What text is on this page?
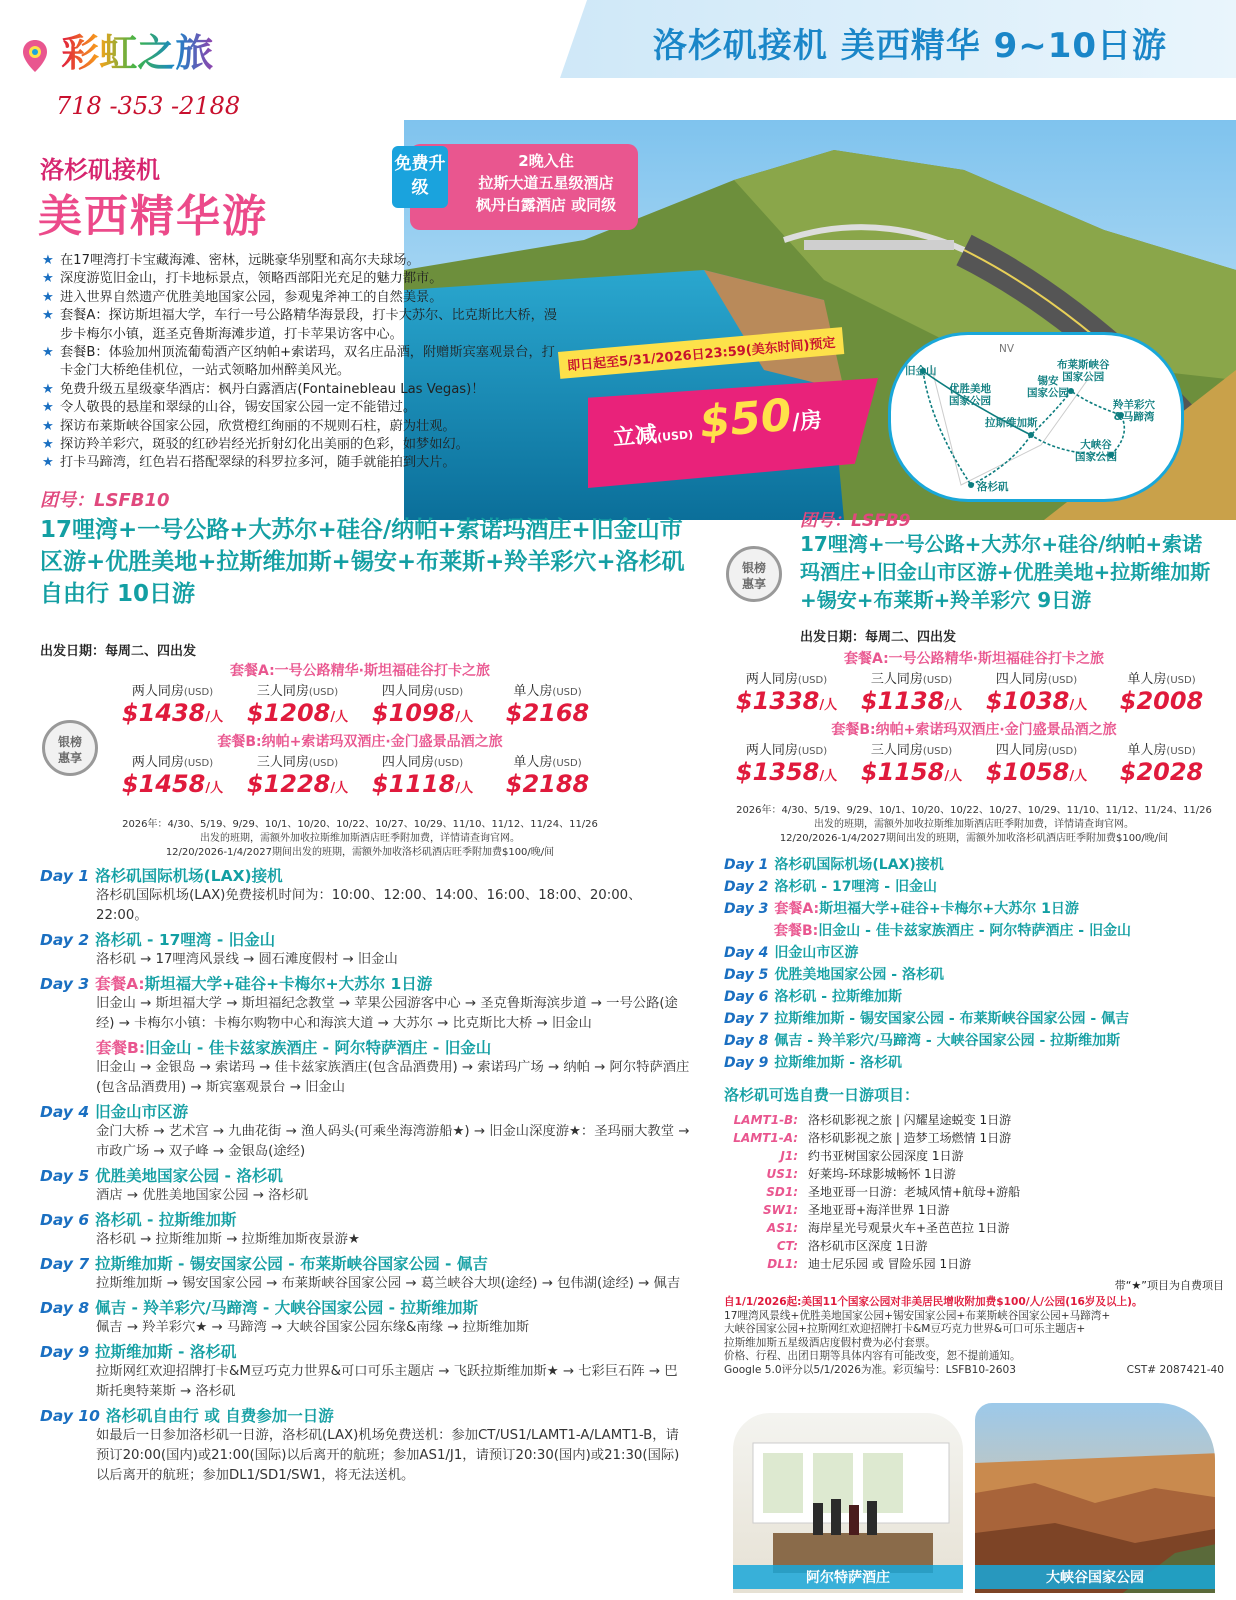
洛杉矶接机 美西精华 9~10日游
彩虹之旅
718 -353 -2188
洛杉矶接机
美西精华游
2晚入住
拉斯大道五星级酒店
枫丹白露酒店 或同级
免费升级
★ 在17哩湾打卡宝藏海滩、密林，远眺豪华别墅和高尔夫球场。
★ 深度游览旧金山，打卡地标景点，领略西部阳光充足的魅力都市。
★ 进入世界自然遗产优胜美地国家公园，参观鬼斧神工的自然美景。
★ 套餐A：探访斯坦福大学，车行一号公路精华海景段，打卡大苏尔、比克斯比大桥，漫步卡梅尔小镇，逛圣克鲁斯海滩步道，打卡苹果访客中心。
★ 套餐B：体验加州顶流葡萄酒产区纳帕+索诺玛，双名庄品酒，附赠斯宾塞观景台，打卡金门大桥绝佳机位，一站式领略加州醉美风光。
★ 免费升级五星级豪华酒店：枫丹白露酒店(Fontainebleau Las Vegas)！
★ 令人敬畏的悬崖和翠绿的山谷，锡安国家公园一定不能错过。
★ 探访布莱斯峡谷国家公园，欣赏橙红绚丽的不规则石柱，蔚为壮观。
★ 探访羚羊彩穴，斑驳的红砂岩经光折射幻化出美丽的色彩，如梦如幻。
★ 打卡马蹄湾，红色岩石搭配翠绿的科罗拉多河，随手就能拍到大片。
即日起至5/31/2026日23:59(美东时间)预定
立减(USD) $50/房
NV
旧金山
优胜美地
国家公园
锡安
国家公园
布莱斯峡谷
国家公园
拉斯维加斯
羚羊彩穴
&马蹄湾
大峡谷
国家公园
洛杉矶
团号：LSFB10
17哩湾+一号公路+大苏尔+硅谷/纳帕+索诺玛酒庄+旧金山市区游+优胜美地+拉斯维加斯+锡安+布莱斯+羚羊彩穴+洛杉矶自由行 10日游
出发日期：每周二、四出发
银榜
惠享
套餐A:一号公路精华·斯坦福硅谷打卡之旅
两人同房(USD)
$1438/人
三人同房(USD)
$1208/人
四人同房(USD)
$1098/人
单人房(USD)
$2168
套餐B:纳帕+索诺玛双酒庄·金门盛景品酒之旅
两人同房(USD)
$1458/人
三人同房(USD)
$1228/人
四人同房(USD)
$1118/人
单人房(USD)
$2188
2026年：4/30、5/19、9/29、10/1、10/20、10/22、10/27、10/29、11/10、11/12、11/24、11/26
出发的班期，需额外加收拉斯维加斯酒店旺季附加费，详情请查询官网。
12/20/2026-1/4/2027期间出发的班期，需额外加收洛杉矶酒店旺季附加费$100/晚/间
Day 1 洛杉矶国际机场(LAX)接机
洛杉矶国际机场(LAX)免费接机时间为：10:00、12:00、14:00、16:00、18:00、20:00、22:00。
Day 2 洛杉矶 - 17哩湾 - 旧金山
洛杉矶 → 17哩湾风景线 → 圆石滩度假村 → 旧金山
Day 3 套餐A:斯坦福大学+硅谷+卡梅尔+大苏尔 1日游
旧金山 → 斯坦福大学 → 斯坦福纪念教堂 → 苹果公园游客中心 → 圣克鲁斯海滨步道 → 一号公路(途经) → 卡梅尔小镇：卡梅尔购物中心和海滨大道 → 大苏尔 → 比克斯比大桥 → 旧金山
套餐B:旧金山 - 佳卡兹家族酒庄 - 阿尔特萨酒庄 - 旧金山
旧金山 → 金银岛 → 索诺玛 → 佳卡兹家族酒庄(包含品酒费用) → 索诺玛广场 → 纳帕 → 阿尔特萨酒庄(包含品酒费用) → 斯宾塞观景台 → 旧金山
Day 4 旧金山市区游
金门大桥 → 艺术宫 → 九曲花街 → 渔人码头(可乘坐海湾游船★) → 旧金山深度游★：圣玛丽大教堂 → 市政广场 → 双子峰 → 金银岛(途经)
Day 5 优胜美地国家公园 - 洛杉矶
酒店 → 优胜美地国家公园 → 洛杉矶
Day 6 洛杉矶 - 拉斯维加斯
洛杉矶 → 拉斯维加斯 → 拉斯维加斯夜景游★
Day 7 拉斯维加斯 - 锡安国家公园 - 布莱斯峡谷国家公园 - 佩吉
拉斯维加斯 → 锡安国家公园 → 布莱斯峡谷国家公园 → 葛兰峡谷大坝(途经) → 包伟湖(途经) → 佩吉
Day 8 佩吉 - 羚羊彩穴/马蹄湾 - 大峡谷国家公园 - 拉斯维加斯
佩吉 → 羚羊彩穴★ → 马蹄湾 → 大峡谷国家公园东缘&南缘 → 拉斯维加斯
Day 9 拉斯维加斯 - 洛杉矶
拉斯网红欢迎招牌打卡&M豆巧克力世界&可口可乐主题店 → 飞跃拉斯维加斯★ → 七彩巨石阵 → 巴斯托奥特莱斯 → 洛杉矶
Day 10 洛杉矶自由行 或 自费参加一日游
如最后一日参加洛杉矶一日游，洛杉矶(LAX)机场免费送机：参加CT/US1/LAMT1-A/LAMT1-B，请预订20:00(国内)或21:00(国际)以后离开的航班；参加AS1/J1，请预订20:30(国内)或21:30(国际)以后离开的航班；参加DL1/SD1/SW1，将无法送机。
银榜
惠享
团号：LSFB9
17哩湾+一号公路+大苏尔+硅谷/纳帕+索诺玛酒庄+旧金山市区游+优胜美地+拉斯维加斯+锡安+布莱斯+羚羊彩穴 9日游
出发日期：每周二、四出发
套餐A:一号公路精华·斯坦福硅谷打卡之旅
两人同房(USD)
$1338/人
三人同房(USD)
$1138/人
四人同房(USD)
$1038/人
单人房(USD)
$2008
套餐B:纳帕+索诺玛双酒庄·金门盛景品酒之旅
两人同房(USD)
$1358/人
三人同房(USD)
$1158/人
四人同房(USD)
$1058/人
单人房(USD)
$2028
2026年：4/30、5/19、9/29、10/1、10/20、10/22、10/27、10/29、11/10、11/12、11/24、11/26
出发的班期，需额外加收拉斯维加斯酒店旺季附加费，详情请查询官网。
12/20/2026-1/4/2027期间出发的班期，需额外加收洛杉矶酒店旺季附加费$100/晚/间
Day 1 洛杉矶国际机场(LAX)接机
Day 2 洛杉矶 - 17哩湾 - 旧金山
Day 3 套餐A:斯坦福大学+硅谷+卡梅尔+大苏尔 1日游
套餐B:旧金山 - 佳卡兹家族酒庄 - 阿尔特萨酒庄 - 旧金山
Day 4 旧金山市区游
Day 5 优胜美地国家公园 - 洛杉矶
Day 6 洛杉矶 - 拉斯维加斯
Day 7 拉斯维加斯 - 锡安国家公园 - 布莱斯峡谷国家公园 - 佩吉
Day 8 佩吉 - 羚羊彩穴/马蹄湾 - 大峡谷国家公园 - 拉斯维加斯
Day 9 拉斯维加斯 - 洛杉矶
洛杉矶可选自费一日游项目：
LAMT1-B: 洛杉矶影视之旅 | 闪耀星途蜕变 1日游
LAMT1-A: 洛杉矶影视之旅 | 造梦工场燃情 1日游
J1: 约书亚树国家公园深度 1日游
US1: 好莱坞-环球影城畅怀 1日游
SD1: 圣地亚哥一日游：老城风情+航母+游船
SW1: 圣地亚哥+海洋世界 1日游
AS1: 海岸星光号观景火车+圣芭芭拉 1日游
CT: 洛杉矶市区深度 1日游
DL1: 迪士尼乐园 或 冒险乐园 1日游
带“★”项目为自费项目
自1/1/2026起:美国11个国家公园对非美居民增收附加费$100/人/公园(16岁及以上)。
17哩湾风景线+优胜美地国家公园+锡安国家公园+布莱斯峡谷国家公园+马蹄湾+
大峡谷国家公园+拉斯网红欢迎招牌打卡&M豆巧克力世界&可口可乐主题店+
拉斯维加斯五星级酒店度假村费为必付套票。
价格、行程、出团日期等具体内容有可能改变，恕不提前通知。
Google 5.0评分以5/1/2026为准。彩页编号：LSFB10-2603	CST# 2087421-40
阿尔特萨酒庄	大峡谷国家公园
